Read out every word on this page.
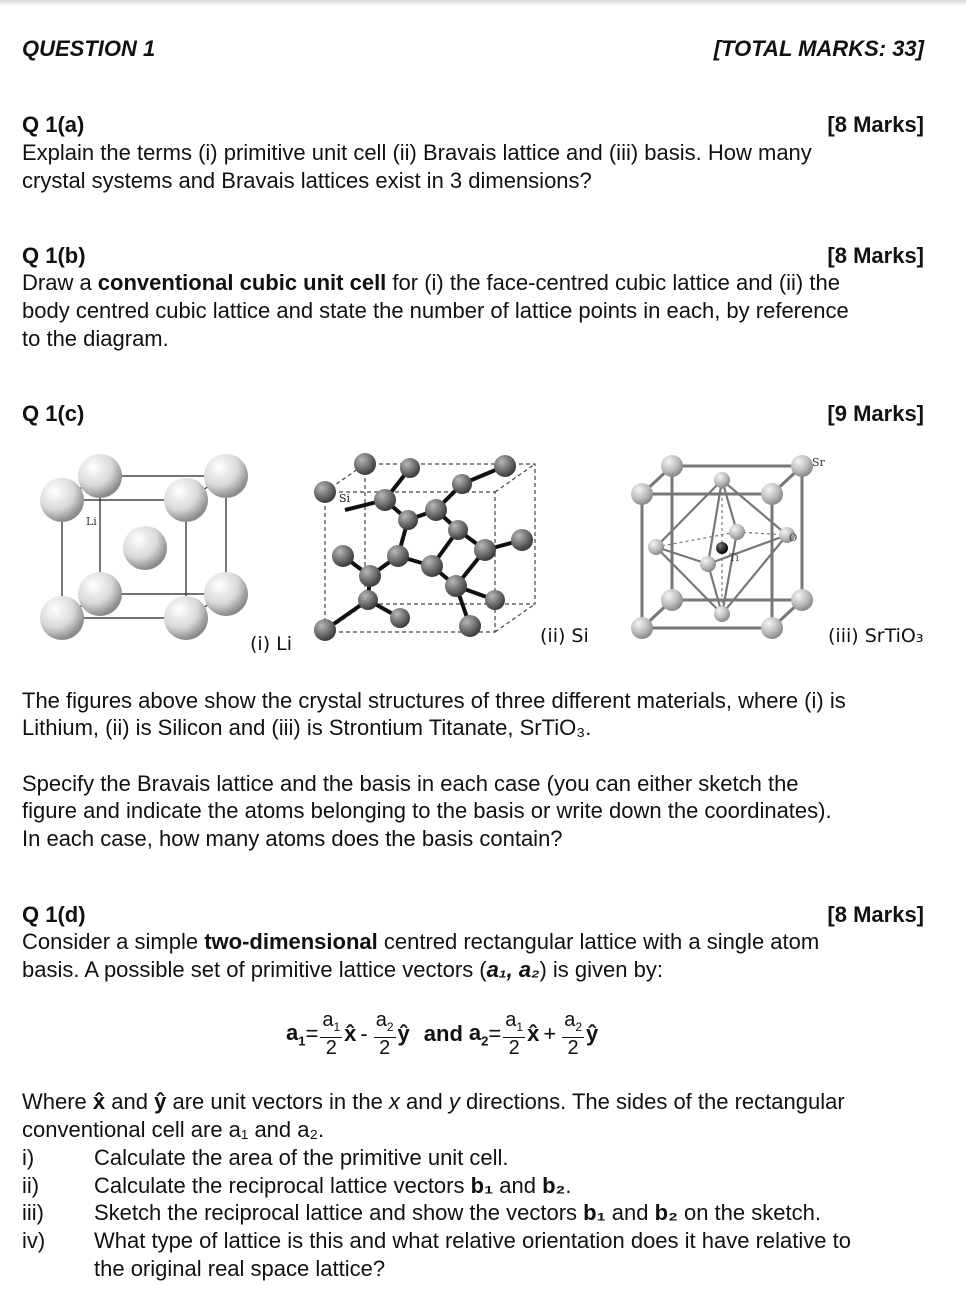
QUESTION 1	[TOTAL MARKS: 33]
Q 1(a)	[8 Marks]
Explain the terms (i) primitive unit cell (ii) Bravais lattice and (iii) basis. How many
crystal systems and Bravais lattices exist in 3 dimensions?
Q 1(b)	[8 Marks]
Draw a conventional cubic unit cell for (i) the face-centred cubic lattice and (ii) the
body centred cubic lattice and state the number of lattice points in each, by reference
to the diagram.
Q 1(c)	[9 Marks]
Li
Si
Sr
Ti
O
(i) Li	(ii) Si	(iii) SrTiO₃
The figures above show the crystal structures of three different materials, where (i) is
Lithium, (ii) is Silicon and (iii) is Strontium Titanate, SrTiO₃.
Specify the Bravais lattice and the basis in each case (you can either sketch the
figure and indicate the atoms belonging to the basis or write down the coordinates).
In each case, how many atoms does the basis contain?
Q 1(d)	[8 Marks]
Consider a simple two-dimensional centred rectangular lattice with a single atom
basis. A possible set of primitive lattice vectors (a₁, a₂) is given by:
$a_1 = \frac{a_1}{2}$ x̂ - $\frac{a_2}{2}$ ŷ and $a_2 = \frac{a_1}{2}$ x̂ + $\frac{a_2}{2}$ ŷ
Where x̂ and ŷ are unit vectors in the x and y directions. The sides of the rectangular
conventional cell are a₁ and a₂.
i)	Calculate the area of the primitive unit cell.
ii) Calculate the reciprocal lattice vectors b₁ and b₂.
iii) Sketch the reciprocal lattice and show the vectors b₁ and b₂ on the sketch.
iv) What type of lattice is this and what relative orientation does it have relative to
the original real space lattice?
